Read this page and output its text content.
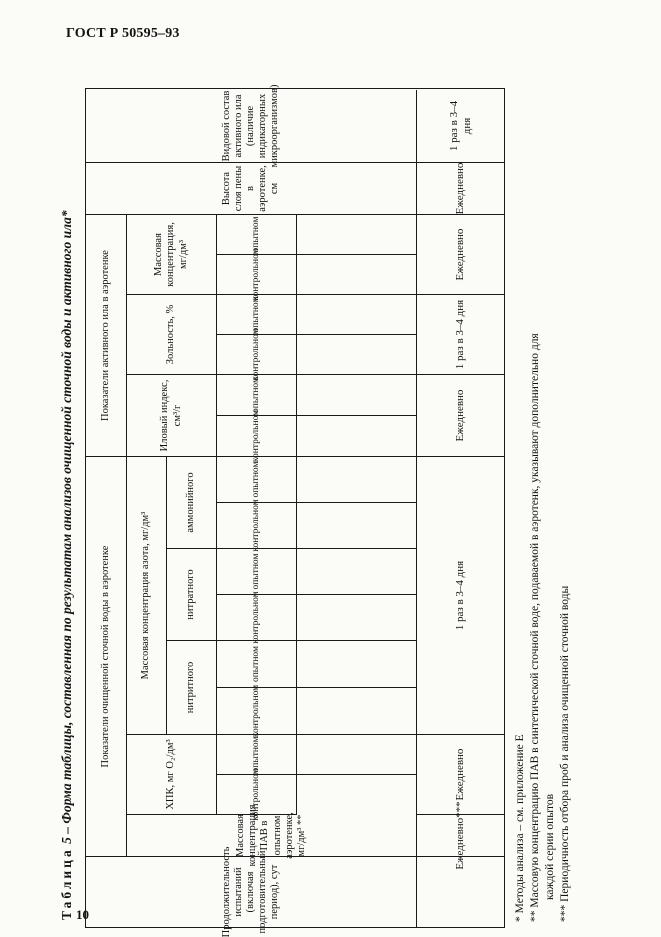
ГОСТ Р 50595–93
10
Таблица 5 – Форма таблицы, составленная по результатам анализов очищенной сточной воды и активного ила*
Продолжительность испытаний (включая подготовительный период), сут
Показатели очищенной сточной воды в аэротенке
Массовая концентрация ПАВ в опытном аэротенке, мг/дм³ **
ХПК, мг O₂/дм³
Массовая концентрация азота, мг/дм³
нитритного
нитратного
аммонийного
Показатели активного ила в аэротенке	Иловый индекс, см³/г
Зольность, %
Массовая концентрация, мг/дм³
Высота слоя пены в аэротенке, см
Видовой состав активного ила (наличие индикаторных микроорганизмов)
контрольном
опытном
контрольном
опытном
контрольном
опытном
контрольном
опытном
контрольном
опытном
контрольном
опытном
контрольном
опытном
Ежедневно***
Ежедневно
1 раз в 3–4 дня
Ежедневно
1 раз в 3–4 дня
Ежедневно
Ежедневно
1 раз в 3–4 дня
* Методы анализа – см. приложение Е ** Массовую концентрацию ПАВ в синтетической сточной воде, подаваемой в аэротенк, указывают дополнительно для каждой серии опытов *** Периодичность отбора проб и анализа очищенной сточной воды
